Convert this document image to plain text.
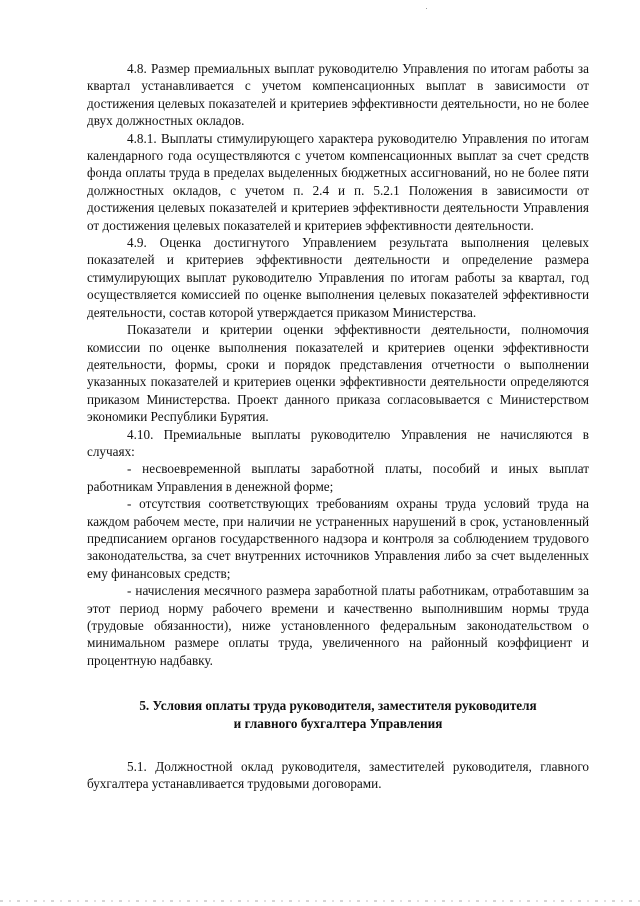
4.8. Размер премиальных выплат руководителю Управления по итогам работы за квартал устанавливается с учетом компенсационных выплат в зависимости от достижения целевых показателей и критериев эффективности деятельности, но не более двух должностных окладов.

4.8.1. Выплаты стимулирующего характера руководителю Управления по итогам календарного года осуществляются с учетом компенсационных выплат за счет средств фонда оплаты труда в пределах выделенных бюджетных ассигнований, но не более пяти должностных окладов, с учетом п. 2.4 и п. 5.2.1 Положения в зависимости от достижения целевых показателей и критериев эффективности деятельности Управления от достижения целевых показателей и критериев эффективности деятельности.

4.9. Оценка достигнутого Управлением результата выполнения целевых показателей и критериев эффективности деятельности и определение размера стимулирующих выплат руководителю Управления по итогам работы за квартал, год осуществляется комиссией по оценке выполнения целевых показателей эффективности деятельности, состав которой утверждается приказом Министерства.

Показатели и критерии оценки эффективности деятельности, полномочия комиссии по оценке выполнения показателей и критериев оценки эффективности деятельности, формы, сроки и порядок представления отчетности о выполнении указанных показателей и критериев оценки эффективности деятельности определяются приказом Министерства. Проект данного приказа согласовывается с Министерством экономики Республики Бурятия.

4.10. Премиальные выплаты руководителю Управления не начисляются в случаях:

- несвоевременной выплаты заработной платы, пособий и иных выплат работникам Управления в денежной форме;

- отсутствия соответствующих требованиям охраны труда условий труда на каждом рабочем месте, при наличии не устраненных нарушений в срок, установленный предписанием органов государственного надзора и контроля за соблюдением трудового законодательства, за счет внутренних источников Управления либо за счет выделенных ему финансовых средств;

- начисления месячного размера заработной платы работникам, отработавшим за этот период норму рабочего времени и качественно выполнившим нормы труда (трудовые обязанности), ниже установленного федеральным законодательством о минимальном размере оплаты труда, увеличенного на районный коэффициент и процентную надбавку.

5. Условия оплаты труда руководителя, заместителя руководителя
и главного бухгалтера Управления

5.1. Должностной оклад руководителя, заместителей руководителя, главного бухгалтера устанавливается трудовыми договорами.
